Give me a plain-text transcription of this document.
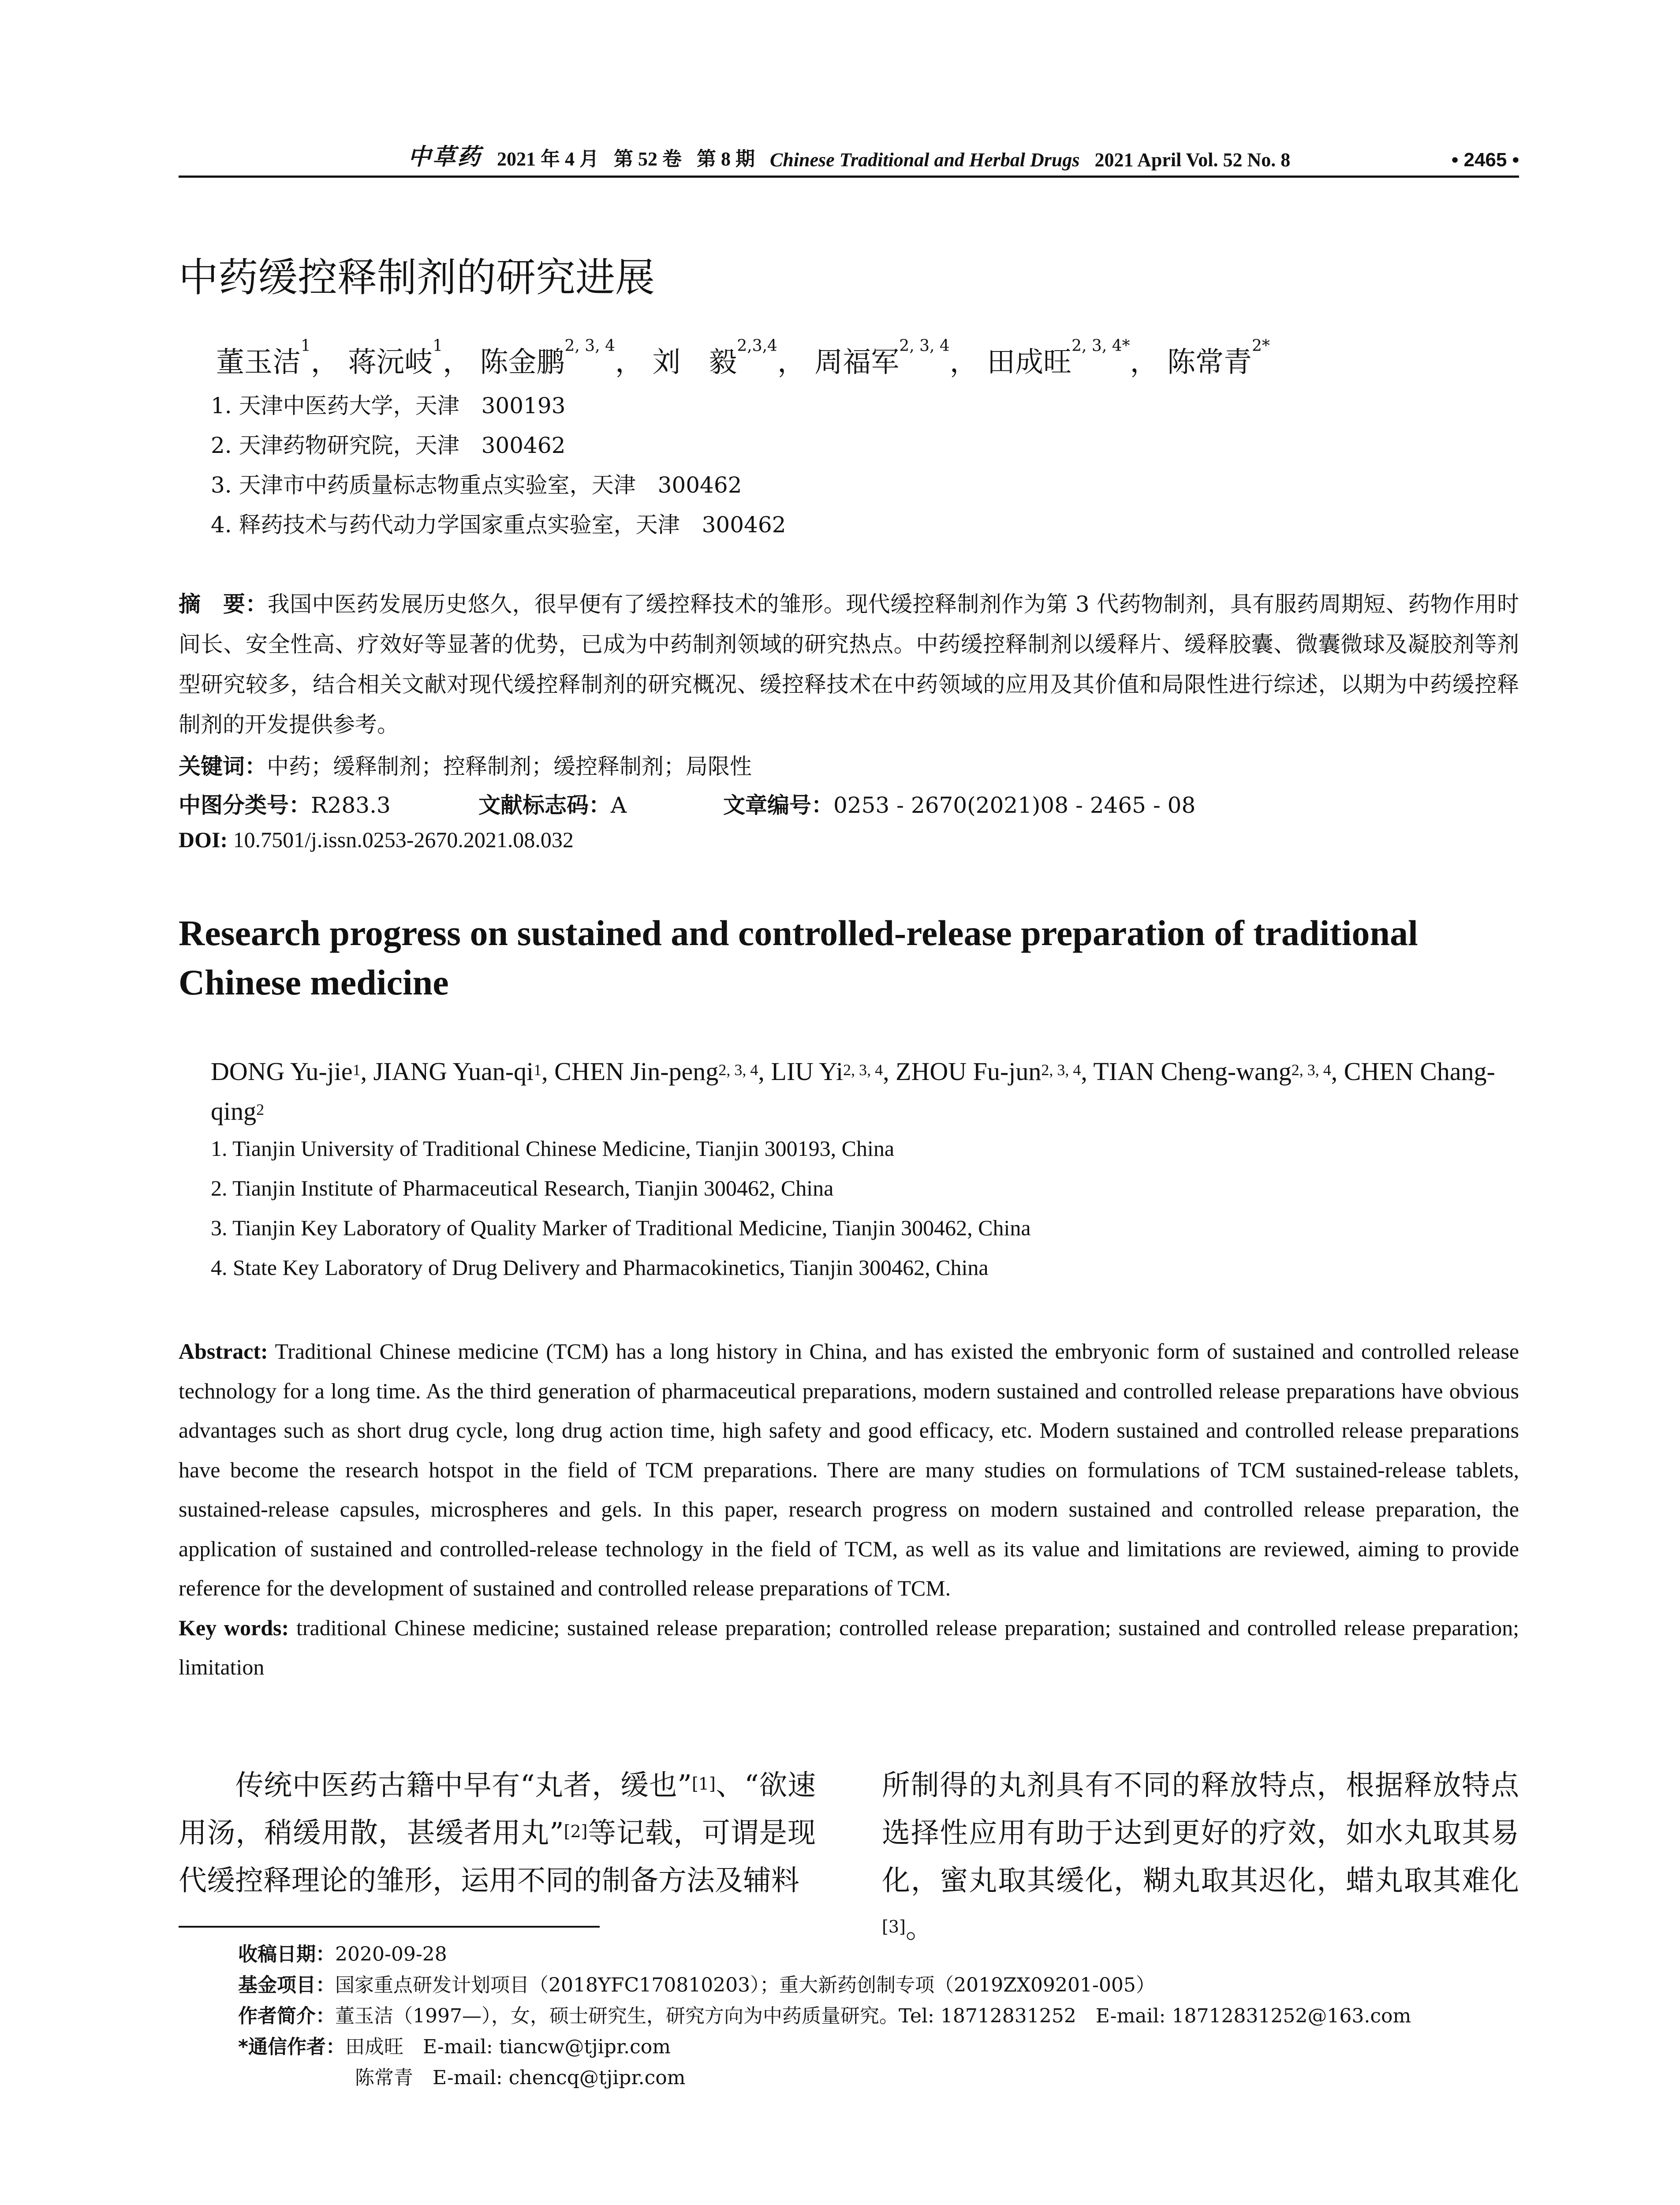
中草药 2021 年 4 月 第 52 卷 第 8 期 Chinese Traditional and Herbal Drugs 2021 April Vol. 52 No. 8	• 2465 •
中药缓控释制剂的研究进展
董玉洁$^1$， 蒋沅岐$^1$， 陈金鹏$^{2, 3, 4}$， 刘　毅$^{2,3,4}$， 周福军$^{2, 3, 4}$， 田成旺$^{2, 3, 4*}$， 陈常青$^{2*}$
1. 天津中医药大学，天津　300193
2. 天津药物研究院，天津　300462
3. 天津市中药质量标志物重点实验室，天津　300462
4. 释药技术与药代动力学国家重点实验室，天津　300462
摘　要：我国中医药发展历史悠久，很早便有了缓控释技术的雏形。现代缓控释制剂作为第 3 代药物制剂，具有服药周期短、药物作用时间长、安全性高、疗效好等显著的优势，已成为中药制剂领域的研究热点。中药缓控释制剂以缓释片、缓释胶囊、微囊微球及凝胶剂等剂型研究较多，结合相关文献对现代缓控释制剂的研究概况、缓控释技术在中药领域的应用及其价值和局限性进行综述，以期为中药缓控释制剂的开发提供参考。
关键词：中药；缓释制剂；控释制剂；缓控释制剂；局限性
中图分类号：R283.3	文献标志码：A	文章编号：0253 - 2670(2021)08 - 2465 - 08
DOI: 10.7501/j.issn.0253-2670.2021.08.032
Research progress on sustained and controlled-release preparation of traditional
Chinese medicine
DONG Yu-jie$^1$, JIANG Yuan-$qi^1$, CHEN Jin-peng$^{2, 3, 4}$, LIU Yi$^{2, 3, 4}$, ZHOU Fu-jun$^{2, 3, 4}$, TIAN Cheng-wang$^{2, 3, 4}$, CHEN Chang-qing$^2$
1. Tianjin University of Traditional Chinese Medicine, Tianjin 300193, China
2. Tianjin Institute of Pharmaceutical Research, Tianjin 300462, China
3. Tianjin Key Laboratory of Quality Marker of Traditional Medicine, Tianjin 300462, China
4. State Key Laboratory of Drug Delivery and Pharmacokinetics, Tianjin 300462, China
Abstract: Traditional Chinese medicine (TCM) has a long history in China, and has existed the embryonic form of sustained and controlled release technology for a long time. As the third generation of pharmaceutical preparations, modern sustained and controlled release preparations have obvious advantages such as short drug cycle, long drug action time, high safety and good efficacy, etc. Modern sustained and controlled release preparations have become the research hotspot in the field of TCM preparations. There are many studies on formulations of TCM sustained-release tablets, sustained-release capsules, microspheres and gels. In this paper, research progress on modern sustained and controlled release preparation, the application of sustained and controlled-release technology in the field of TCM, as well as its value and limitations are reviewed, aiming to provide reference for the development of sustained and controlled release preparations of TCM.
Key words: traditional Chinese medicine; sustained release preparation; controlled release preparation; sustained and controlled release preparation; limitation
传统中医药古籍中早有“丸者，缓也”[1]、“欲速用汤，稍缓用散，甚缓者用丸”[2]等记载，可谓是现代缓控释理论的雏形，运用不同的制备方法及辅料
所制得的丸剂具有不同的释放特点，根据释放特点选择性应用有助于达到更好的疗效，如水丸取其易化，蜜丸取其缓化，糊丸取其迟化，蜡丸取其难化[3]。
收稿日期：2020-09-28
基金项目：国家重点研发计划项目（2018YFC170810203）；重大新药创制专项（2019ZX09201-005）
作者简介：董玉洁（1997—），女，硕士研究生，研究方向为中药质量研究。Tel: 18712831252　E-mail: 18712831252@163.com
*通信作者：田成旺　E-mail: tiancw@tjipr.com
陈常青　E-mail: chencq@tjipr.com
